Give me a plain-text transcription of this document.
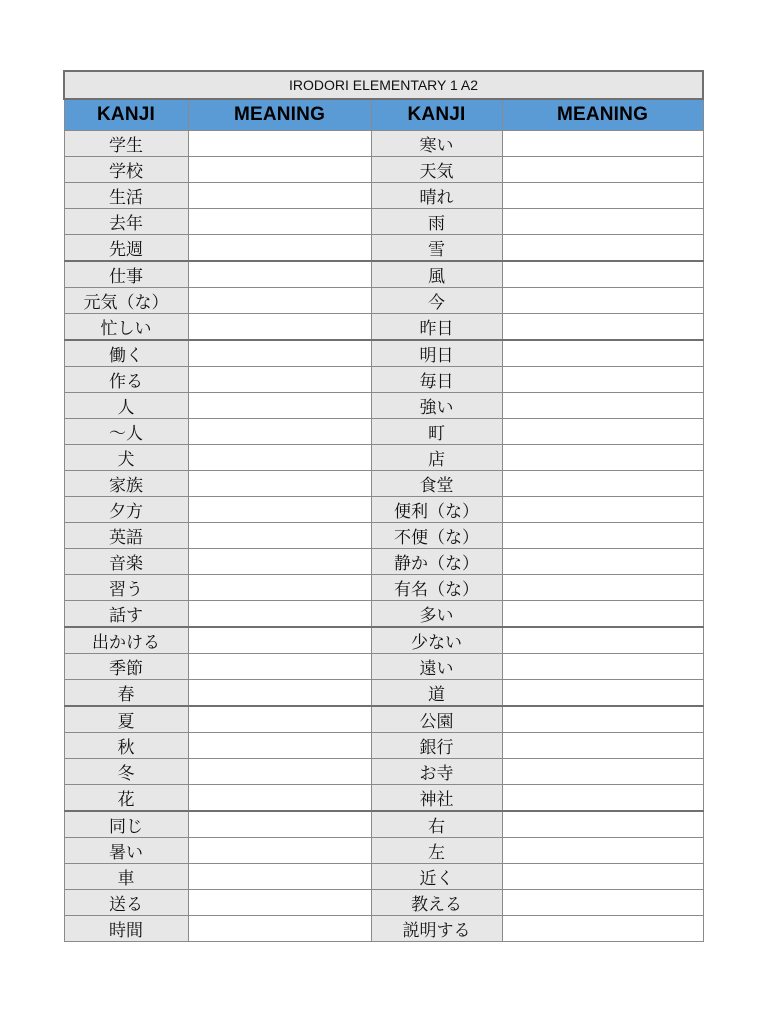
IRODORI ELEMENTARY 1 A2			
KANJI	MEANING	KANJI	MEANING
学生		寒い	
学校		天気	
生活		晴れ	
去年		雨	
先週		雪	
仕事		風	
元気（な）		今	
忙しい		昨日	
働く		明日	
作る		毎日	
人		強い	
～人		町	
犬		店	
家族		食堂	
夕方		便利（な）	
英語		不便（な）	
音楽		静か（な）	
習う		有名（な）	
話す		多い	
出かける		少ない	
季節		遠い	
春		道	
夏		公園	
秋		銀行	
冬		お寺	
花		神社	
同じ		右	
暑い		左	
車		近く	
送る		教える	
時間		説明する	
